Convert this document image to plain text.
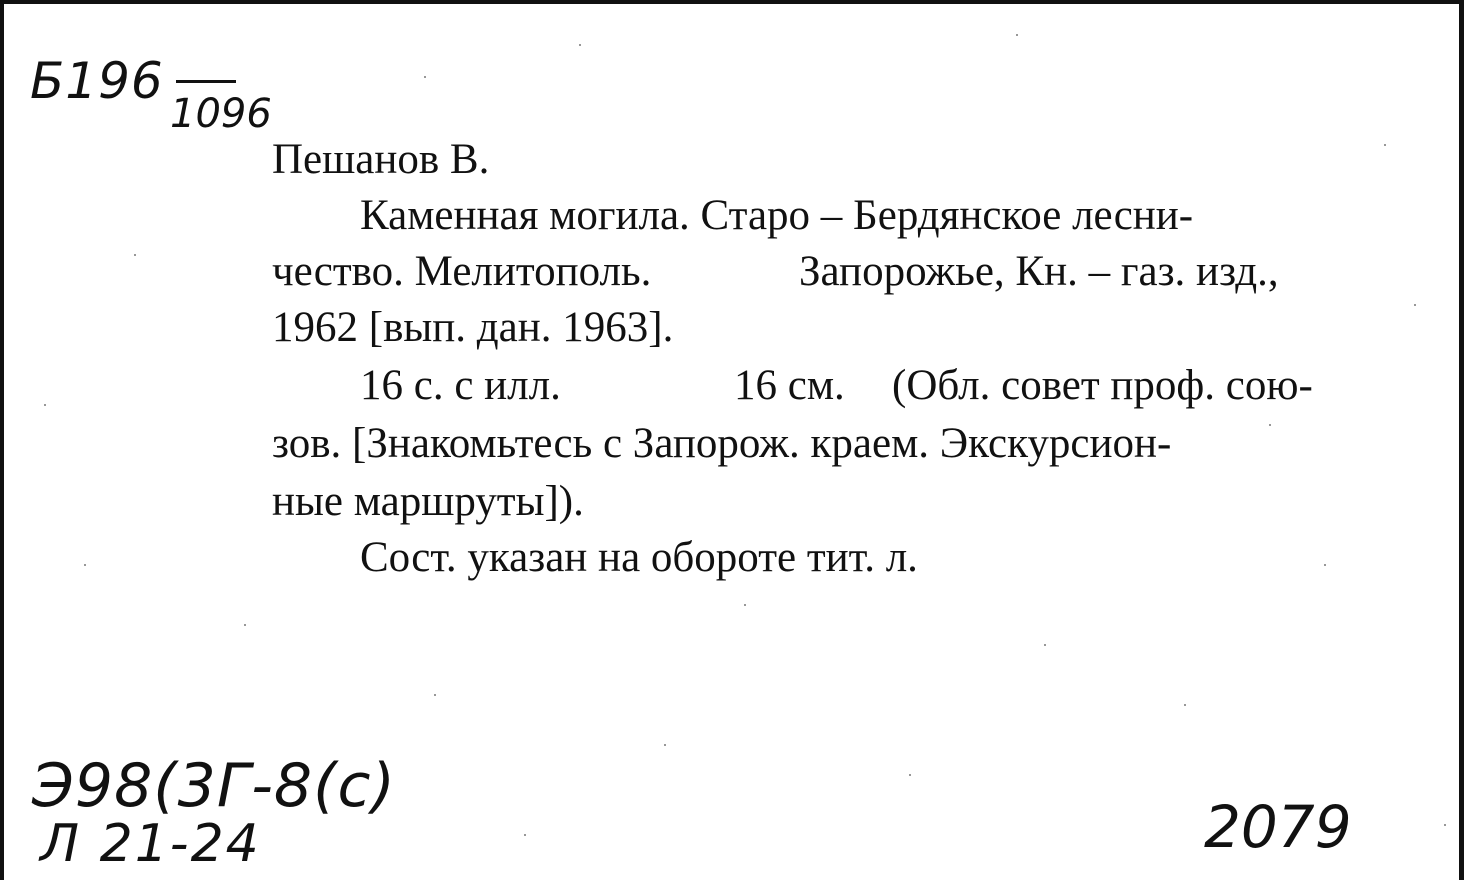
Б196
1096
Пешанов В.
Каменная могила. Старо – Бердянское лесни-
чество. Мелитополь.	Запорожье, Кн. – газ. изд.,
1962 [вып. дан. 1963].
16 с. с илл.	16 см. (Обл. совет проф. сою-
зов. [Знакомьтесь с Запорож. краем. Экскурсион-
ные маршруты]).
Сост. указан на обороте тит. л.
Э98(3Г-8(с)
Л 21-24	2079
